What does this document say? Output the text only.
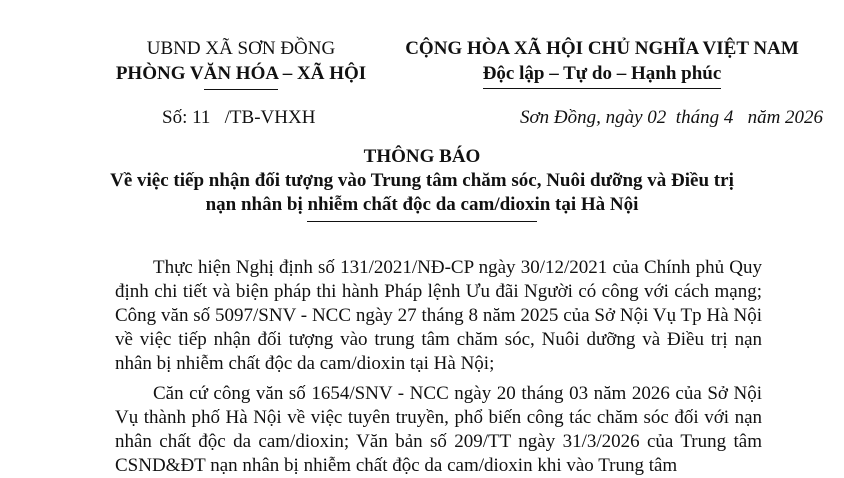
UBND XÃ SƠN ĐỒNG
PHÒNG VĂN HÓA – XÃ HỘI
CỘNG HÒA XÃ HỘI CHỦ NGHĨA VIỆT NAM
Độc lập – Tự do – Hạnh phúc
Số: 11   /TB-VHXH	Sơn Đồng, ngày 02  tháng 4   năm 2026
THÔNG BÁO
Về việc tiếp nhận đối tượng vào Trung tâm chăm sóc, Nuôi dưỡng và Điều trị
nạn nhân bị nhiễm chất độc da cam/dioxin tại Hà Nội

Thực hiện Nghị định số 131/2021/NĐ-CP ngày 30/12/2021 của Chính phủ Quy định chi tiết và biện pháp thi hành Pháp lệnh Ưu đãi Người có công với cách mạng; Công văn số 5097/SNV - NCC ngày 27 tháng 8 năm 2025 của Sở Nội Vụ Tp Hà Nội về việc tiếp nhận đối tượng vào trung tâm chăm sóc, Nuôi dưỡng và Điều trị nạn nhân bị nhiễm chất độc da cam/dioxin tại Hà Nội;

Căn cứ công văn số 1654/SNV - NCC ngày 20 tháng 03 năm 2026 của Sở Nội Vụ thành phố Hà Nội về việc tuyên truyền, phổ biến công tác chăm sóc đối với nạn nhân chất độc da cam/dioxin; Văn bản số 209/TT ngày 31/3/2026 của Trung tâm CSND&ĐT nạn nhân bị nhiễm chất độc da cam/dioxin khi vào Trung tâm
